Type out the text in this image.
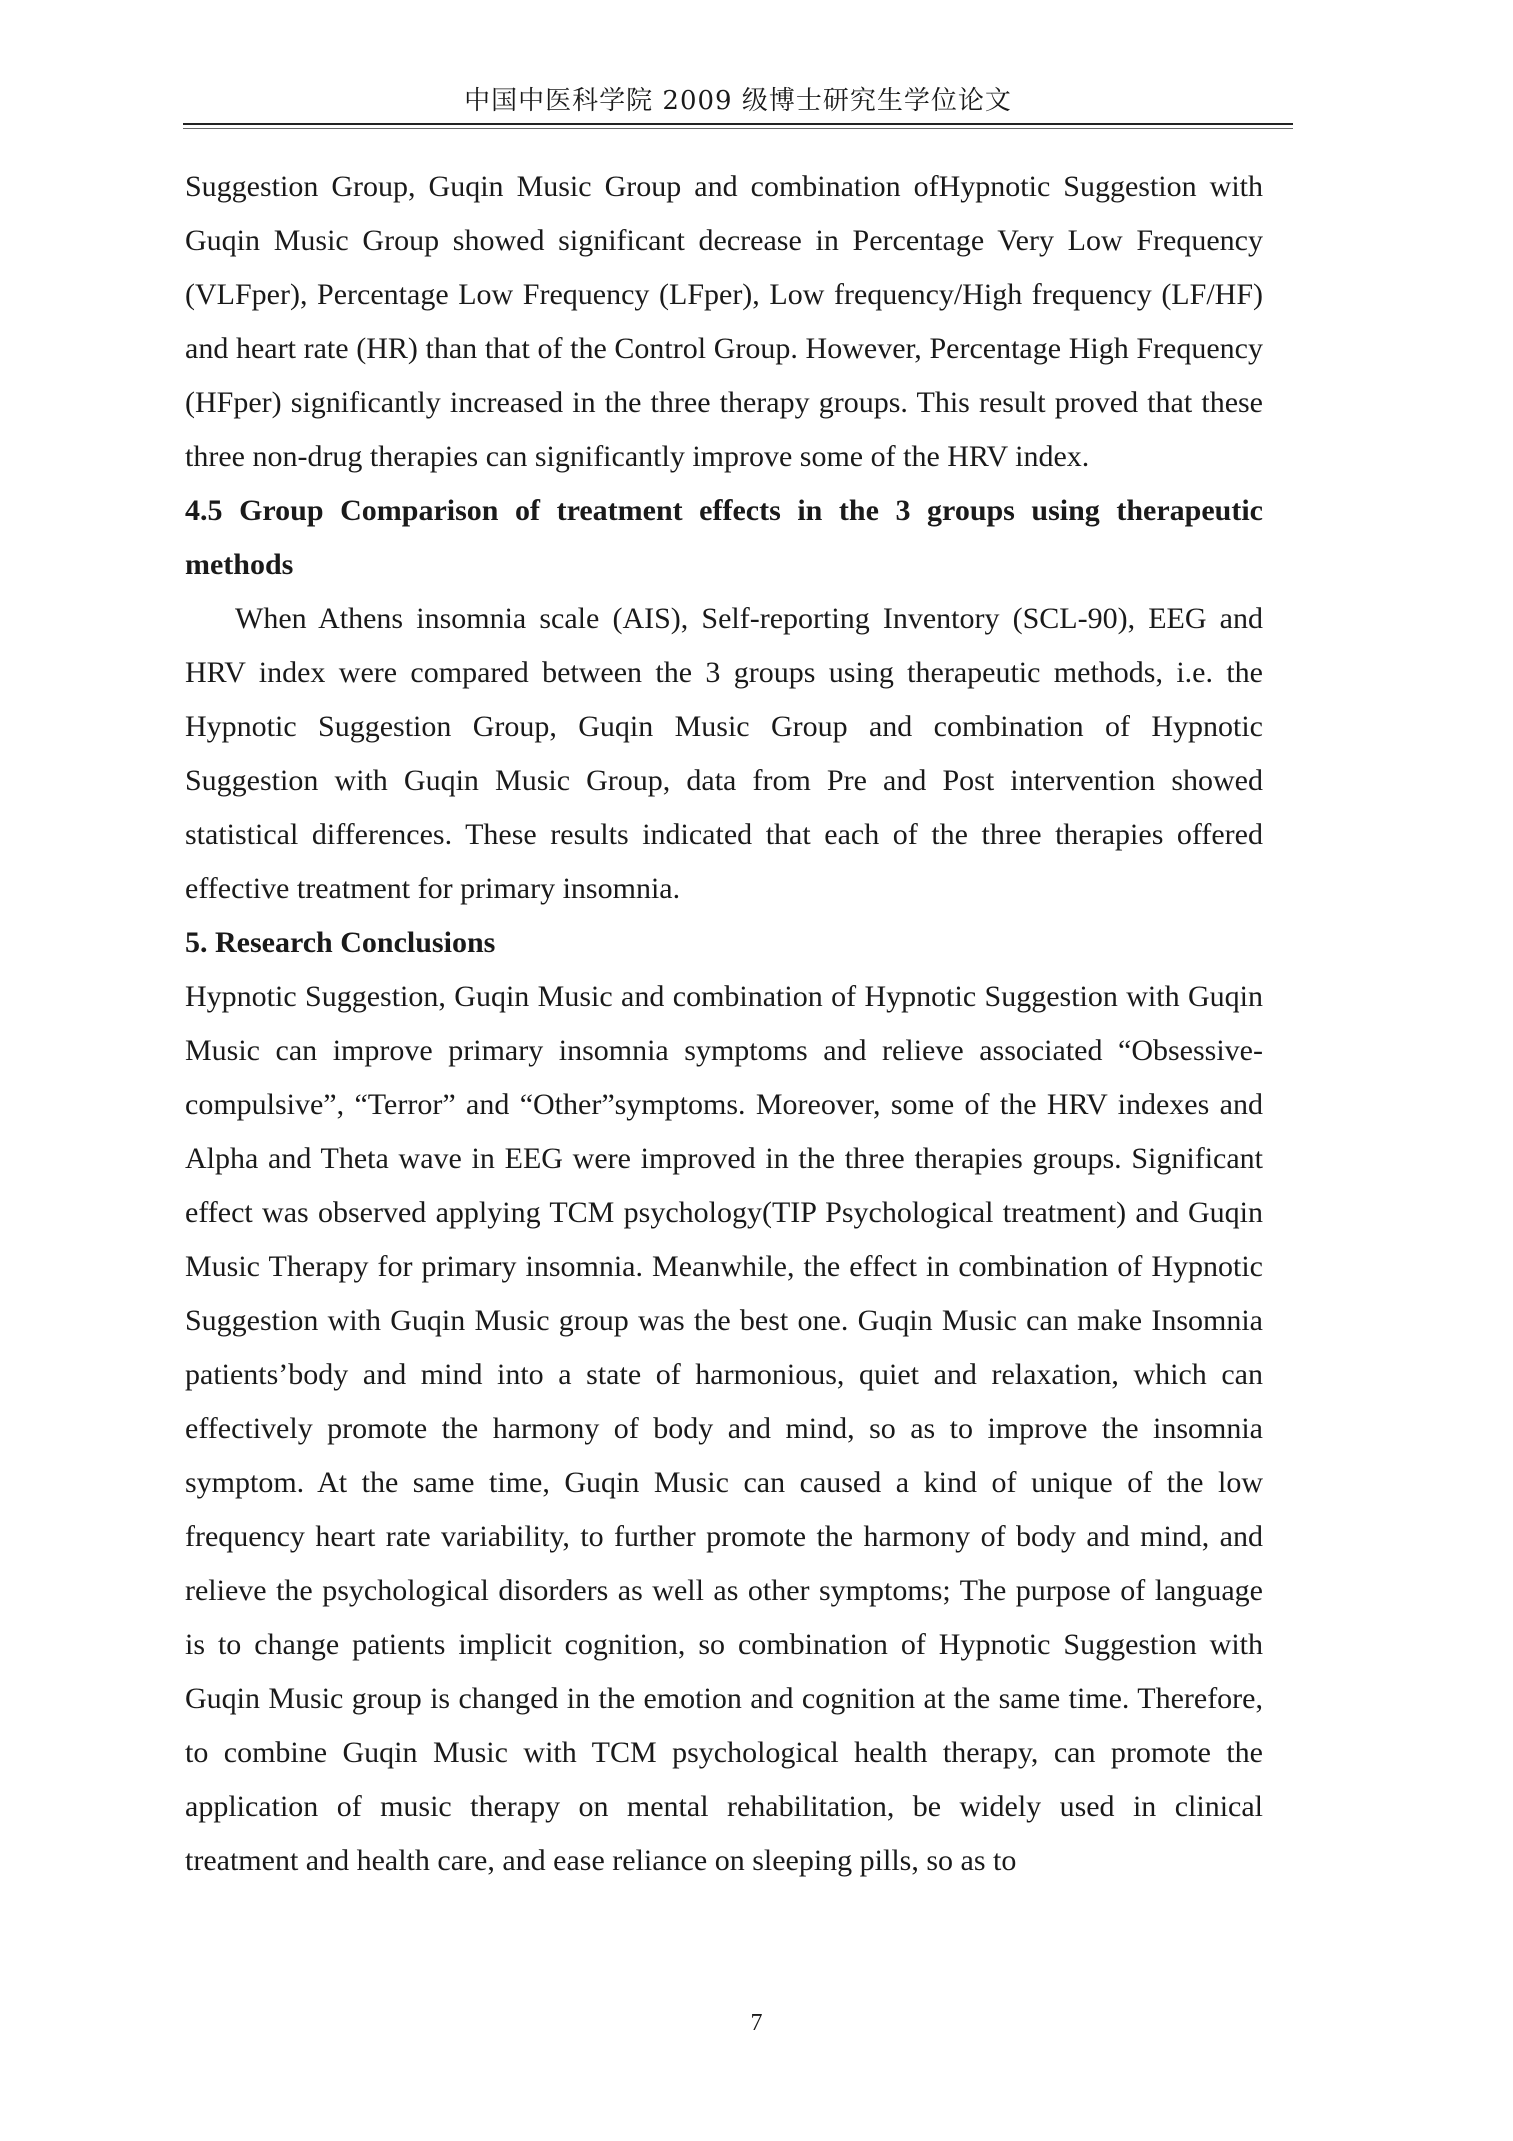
中国中医科学院 2009 级博士研究生学位论文

Suggestion Group, Guqin Music Group and combination ofHypnotic Suggestion with Guqin Music Group showed significant decrease in Percentage Very Low Frequency (VLFper), Percentage Low Frequency (LFper), Low frequency/High frequency (LF/HF) and heart rate (HR) than that of the Control Group. However, Percentage High Frequency (HFper) significantly increased in the three therapy groups. This result proved that these three non-drug therapies can significantly improve some of the HRV index.

4.5 Group Comparison of treatment effects in the 3 groups using therapeutic methods

When Athens insomnia scale (AIS), Self-reporting Inventory (SCL-90), EEG and HRV index were compared between the 3 groups using therapeutic methods, i.e. the Hypnotic Suggestion Group, Guqin Music Group and combination of Hypnotic Suggestion with Guqin Music Group, data from Pre and Post intervention showed statistical differences. These results indicated that each of the three therapies offered effective treatment for primary insomnia.

5. Research Conclusions

Hypnotic Suggestion, Guqin Music and combination of Hypnotic Suggestion with Guqin Music can improve primary insomnia symptoms and relieve associated “Obsessive-compulsive”, “Terror” and “Other”symptoms. Moreover, some of the HRV indexes and Alpha and Theta wave in EEG were improved in the three therapies groups. Significant effect was observed applying TCM psychology(TIP Psychological treatment) and Guqin Music Therapy for primary insomnia. Meanwhile, the effect in combination of Hypnotic Suggestion with Guqin Music group was the best one. Guqin Music can make Insomnia patients’body and mind into a state of harmonious, quiet and relaxation, which can effectively promote the harmony of body and mind, so as to improve the insomnia symptom. At the same time, Guqin Music can caused a kind of unique of the low frequency heart rate variability, to further promote the harmony of body and mind, and relieve the psychological disorders as well as other symptoms; The purpose of language is to change patients implicit cognition, so combination of Hypnotic Suggestion with Guqin Music group is changed in the emotion and cognition at the same time. Therefore, to combine Guqin Music with TCM psychological health therapy, can promote the application of music therapy on mental rehabilitation, be widely used in clinical treatment and health care, and ease reliance on sleeping pills, so as to

7
